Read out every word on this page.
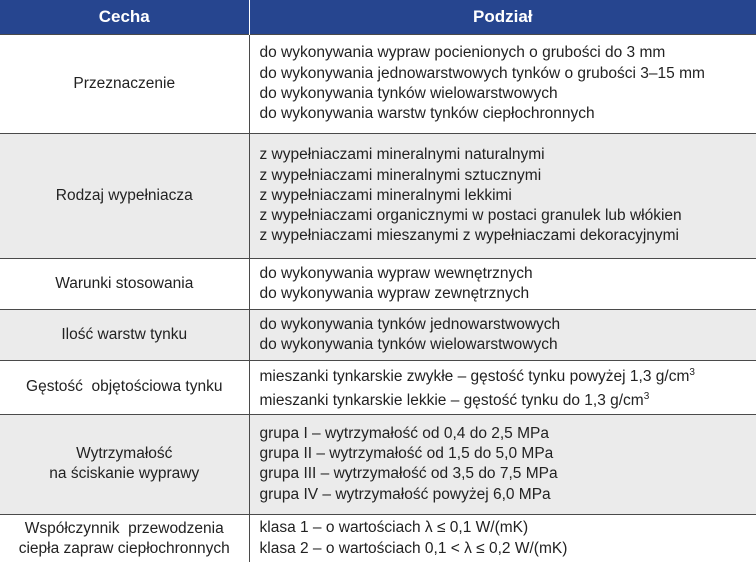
Cecha	Podział

Przeznaczenie	do wykonywania wypraw pocienionych o grubości do 3 mm
do wykonywania jednowarstwowych tynków o grubości 3–15 mm
do wykonywania tynków wielowarstwowych
do wykonywania warstw tynków ciepłochronnych

Rodzaj wypełniacza	z wypełniaczami mineralnymi naturalnymi
z wypełniaczami mineralnymi sztucznymi
z wypełniaczami mineralnymi lekkimi
z wypełniaczami organicznymi w postaci granulek lub włókien
z wypełniaczami mieszanymi z wypełniaczami dekoracyjnymi

Warunki stosowania	do wykonywania wypraw wewnętrznych
do wykonywania wypraw zewnętrznych

Ilość warstw tynku	do wykonywania tynków jednowarstwowych
do wykonywania tynków wielowarstwowych

Gęstość  objętościowa tynku	mieszanki tynkarskie zwykłe – gęstość tynku powyżej 1,3 $g/cm^3$
mieszanki tynkarskie lekkie – gęstość tynku do 1,3 $g/cm^3$

Wytrzymałość
na ściskanie wyprawy	grupa I – wytrzymałość od 0,4 do 2,5 MPa
grupa II – wytrzymałość od 1,5 do 5,0 MPa
grupa III – wytrzymałość od 3,5 do 7,5 MPa
grupa IV – wytrzymałość powyżej 6,0 MPa

Współczynnik  przewodzenia
ciepła zapraw ciepłochronnych	klasa 1 – o wartościach λ ≤ 0,1 W/(mK)
klasa 2 – o wartościach 0,1 < λ ≤ 0,2 W/(mK)
